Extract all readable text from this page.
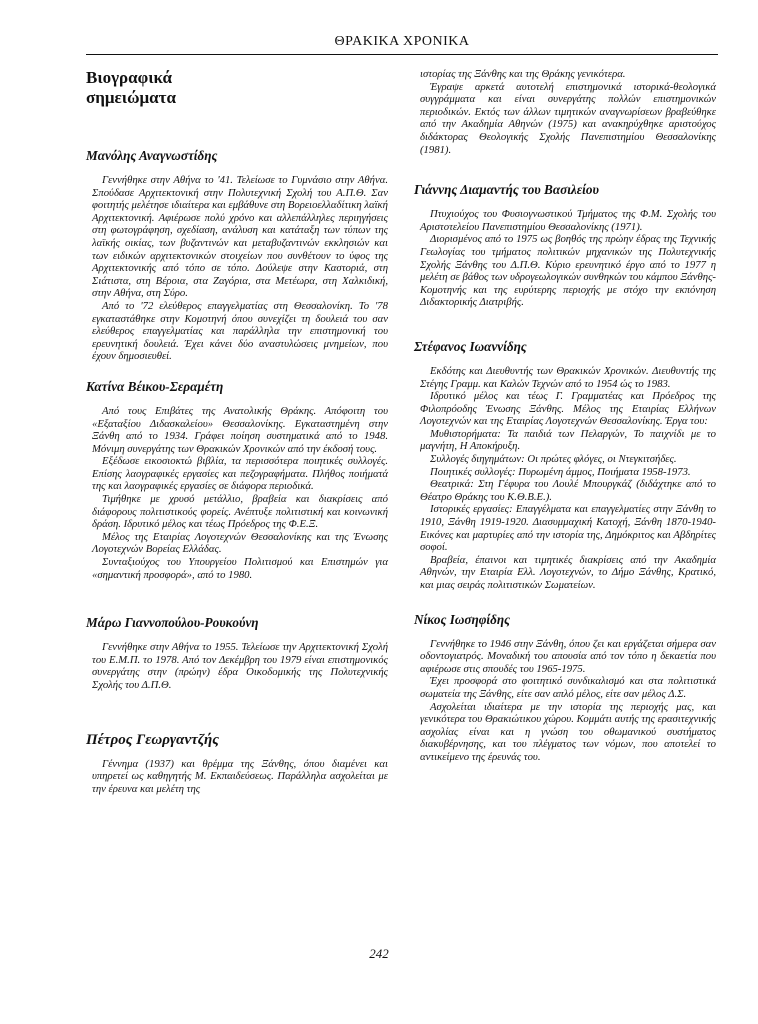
ΘΡΑΚΙΚΑ ΧΡΟΝΙΚΑ
Βιογραφικά
σημειώματα
Μανόλης Αναγνωστίδης

Γεννήθηκε στην Αθήνα το '41. Τελείωσε το Γυμνάσιο στην Αθήνα. Σπούδασε Αρχιτεκτονική στην Πολυτεχνική Σχολή του Α.Π.Θ. Σαν φοιτητής μελέτησε ιδιαίτερα και εμβάθυνε στη Βορειοελλαδίτικη λαϊκή Αρχιτεκτονική. Αφιέρωσε πολύ χρόνο και αλλεπάλληλες περιηγήσεις στη φωτογράφηση, σχεδίαση, ανάλυση και κατάταξη των τύπων της λαϊκής οικίας, των βυζαντινών και μεταβυζαντινών εκκλησιών και των ειδικών αρχιτεκτονικών στοιχείων που συνθέτουν το ύφος της Αρχιτεκτονικής από τόπο σε τόπο. Δούλεψε στην Καστοριά, στη Σιάτιστα, στη Βέροια, στα Ζαγόρια, στα Μετέωρα, στη Χαλκιδική, στην Αθήνα, στη Σύρο.

Από το '72 ελεύθερος επαγγελματίας στη Θεσσαλονίκη. Το '78 εγκαταστάθηκε στην Κομοτηνή όπου συνεχίζει τη δουλειά του σαν ελεύθερος επαγγελματίας και παράλληλα την επιστημονική του ερευνητική δουλειά. Έχει κάνει δύο αναστυλώσεις μνημείων, που έχουν δημοσιευθεί.

Κατίνα Βέικου-Σεραμέτη

Από τους Επιβάτες της Ανατολικής Θράκης. Απόφοιτη του «Εξαταξίου Διδασκαλείου» Θεσσαλονίκης. Εγκαταστημένη στην Ξάνθη από το 1934. Γράφει ποίηση συστηματικά από το 1948. Μόνιμη συνεργάτης των Θρακικών Χρονικών από την έκδοσή τους.

Εξέδωσε εικοσιοκτώ βιβλία, τα περισσότερα ποιητικές συλλογές. Επίσης λαογραφικές εργασίες και πεζογραφήματα. Πλήθος ποιήματά της και λαογραφικές εργασίες σε διάφορα περιοδικά.

Τιμήθηκε με χρυσό μετάλλιο, βραβεία και διακρίσεις από διάφορους πολιτιστικούς φορείς. Ανέπτυξε πολιτιστική και κοινωνική δράση. Ιδρυτικό μέλος και τέως Πρόεδρος της Φ.Ε.Ξ.

Μέλος της Εταιρίας Λογοτεχνών Θεσσαλονίκης και της Ένωσης Λογοτεχνών Βορείας Ελλάδας.

Συνταξιούχος του Υπουργείου Πολιτισμού και Επιστημών για «σημαντική προσφορά», από το 1980.

Μάρω Γιαννοπούλου-Ρουκούνη

Γεννήθηκε στην Αθήνα το 1955. Τελείωσε την Αρχιτεκτονική Σχολή του Ε.Μ.Π. το 1978. Από τον Δεκέμβρη του 1979 είναι επιστημονικός συνεργάτης στην (πρώην) έδρα Οικοδομικής της Πολυτεχνικής Σχολής του Δ.Π.Θ.

Πέτρος Γεωργαντζής

Γέννημα (1937) και θρέμμα της Ξάνθης, όπου διαμένει και υπηρετεί ως καθηγητής Μ. Εκπαιδεύσεως. Παράλληλα ασχολείται με την έρευνα και μελέτη της

ιστορίας της Ξάνθης και της Θράκης γενικότερα.

Έγραψε αρκετά αυτοτελή επιστημονικά ιστορικά-θεολογικά συγγράμματα και είναι συνεργάτης πολλών επιστημονικών περιοδικών. Εκτός των άλλων τιμητικών αναγνωρίσεων βραβεύθηκε από την Ακαδημία Αθηνών (1975) και ανακηρύχθηκε αριστούχος διδάκτορας Θεολογικής Σχολής Πανεπιστημίου Θεσσαλονίκης (1981).

Γιάννης Διαμαντής του Βασιλείου

Πτυχιούχος του Φυσιογνωστικού Τμήματος της Φ.Μ. Σχολής του Αριστοτελείου Πανεπιστημίου Θεσσαλονίκης (1971).

Διορισμένος από το 1975 ως βοηθός της πρώην έδρας της Τεχνικής Γεωλογίας του τμήματος πολιτικών μηχανικών της Πολυτεχνικής Σχολής Ξάνθης του Δ.Π.Θ. Κύριο ερευνητικό έργο από το 1977 η μελέτη σε βάθος των υδρογεωλογικών συνθηκών του κάμπου Ξάνθης-Κομοτηνής και της ευρύτερης περιοχής με στόχο την εκπόνηση Διδακτορικής Διατριβής.

Στέφανος Ιωαννίδης

Εκδότης και Διευθυντής των Θρακικών Χρονικών. Διευθυντής της Στέγης Γραμμ. και Καλών Τεχνών από το 1954 ώς το 1983.

Ιδρυτικό μέλος και τέως Γ. Γραμματέας και Πρόεδρος της Φιλοπρόοδης Ένωσης Ξάνθης. Μέλος της Εταιρίας Ελλήνων Λογοτεχνών και της Εταιρίας Λογοτεχνών Θεσσαλονίκης. Έργα του:

Μυθιστορήματα: Τα παιδιά των Πελαργών, Το παιχνίδι με το μαγνήτη, Η Αποκήρυξη.

Συλλογές διηγημάτων: Οι πρώτες φλόγες, οι Ντεγκιτσήδες.

Ποιητικές συλλογές: Πυρωμένη άμμος, Ποιήματα 1958-1973.

Θεατρικά: Στη Γέφυρα του Λουλέ Μπουργκάζ (διδάχτηκε από το Θέατρο Θράκης του Κ.Θ.Β.Ε.).

Ιστορικές εργασίες: Επαγγέλματα και επαγγελματίες στην Ξάνθη το 1910, Ξάνθη 1919-1920. Διασυμμαχική Κατοχή, Ξάνθη 1870-1940-Εικόνες και μαρτυρίες από την ιστορία της, Δημόκριτος και Αβδηρίτες σοφοί.

Βραβεία, έπαινοι και τιμητικές διακρίσεις από την Ακαδημία Αθηνών, την Εταιρία Ελλ. Λογοτεχνών, το Δήμο Ξάνθης, Κρατικό, και μιας σειράς πολιτιστικών Σωματείων.

Νίκος Ιωσηφίδης

Γεννήθηκε το 1946 στην Ξάνθη, όπου ζει και εργάζεται σήμερα σαν οδοντογιατρός. Μοναδική του απουσία από τον τόπο η δεκαετία που αφιέρωσε στις σπουδές του 1965-1975.

Έχει προσφορά στο φοιτητικό συνδικαλισμό και στα πολιτιστικά σωματεία της Ξάνθης, είτε σαν απλό μέλος, είτε σαν μέλος Δ.Σ.

Ασχολείται ιδιαίτερα με την ιστορία της περιοχής μας, και γενικότερα του Θρακιώτικου χώρου. Κομμάτι αυτής της ερασιτεχνικής ασχολίας είναι και η γνώση του οθωμανικού συστήματος διακυβέρνησης, και του πλέγματος των νόμων, που αποτελεί το αντικείμενο της έρευνάς του.

242
